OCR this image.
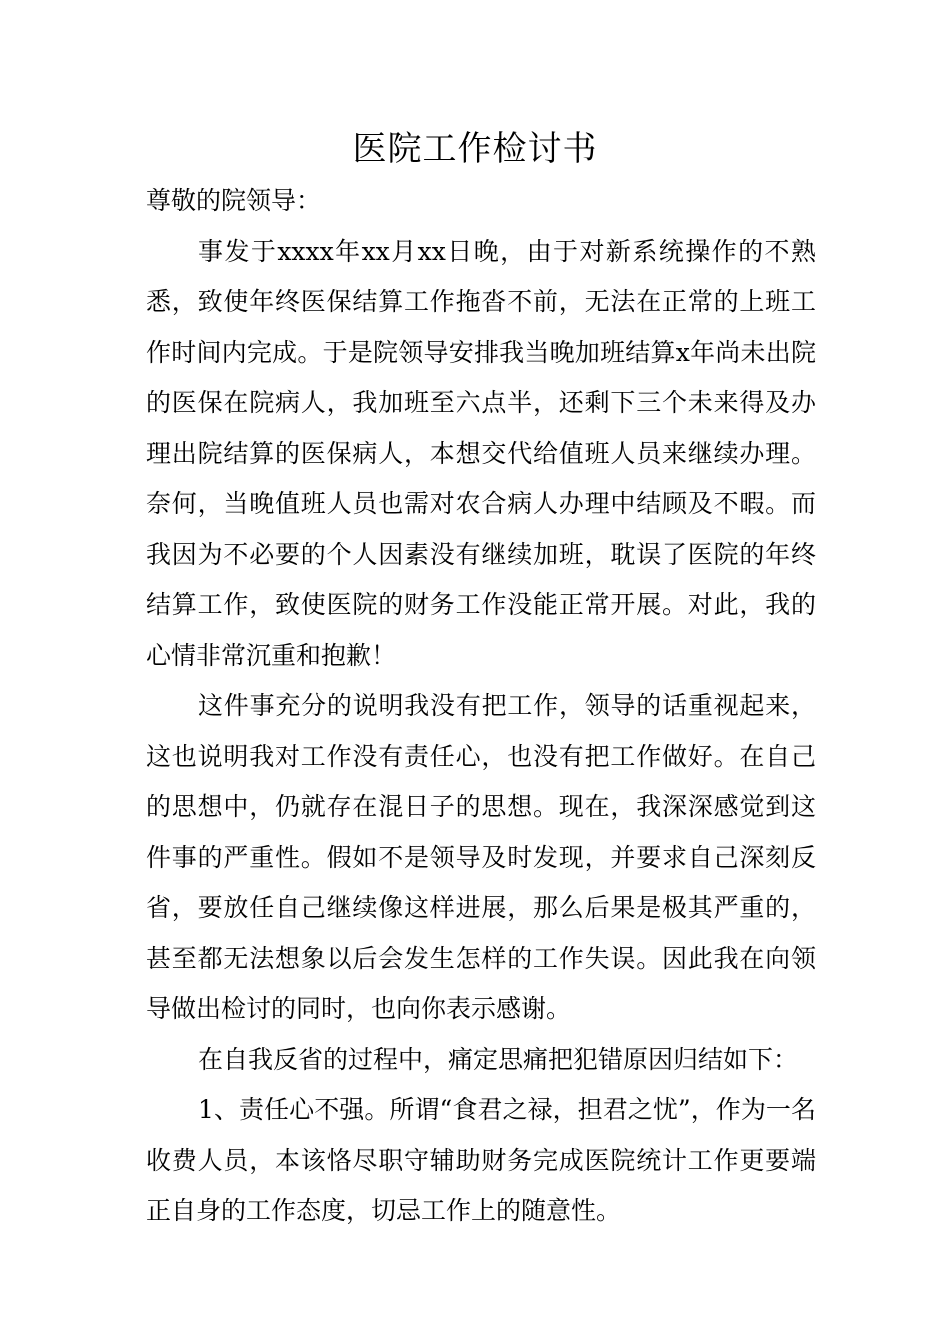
医院工作检讨书

尊敬的院领导：

事发于xxxx年xx月xx日晚，由于对新系统操作的不熟悉，致使年终医保结算工作拖沓不前，无法在正常的上班工作时间内完成。于是院领导安排我当晚加班结算x年尚未出院的医保在院病人，我加班至六点半，还剩下三个未来得及办理出院结算的医保病人，本想交代给值班人员来继续办理。奈何，当晚值班人员也需对农合病人办理中结顾及不暇。而我因为不必要的个人因素没有继续加班，耽误了医院的年终结算工作，致使医院的财务工作没能正常开展。对此，我的心情非常沉重和抱歉！

这件事充分的说明我没有把工作，领导的话重视起来，这也说明我对工作没有责任心，也没有把工作做好。在自己的思想中，仍就存在混日子的思想。现在，我深深感觉到这件事的严重性。假如不是领导及时发现，并要求自己深刻反省，要放任自己继续像这样进展，那么后果是极其严重的，甚至都无法想象以后会发生怎样的工作失误。因此我在向领导做出检讨的同时，也向你表示感谢。

在自我反省的过程中，痛定思痛把犯错原因归结如下：

1、责任心不强。所谓“食君之禄，担君之忧”，作为一名收费人员，本该恪尽职守辅助财务完成医院统计工作更要端正自身的工作态度，切忌工作上的随意性。
